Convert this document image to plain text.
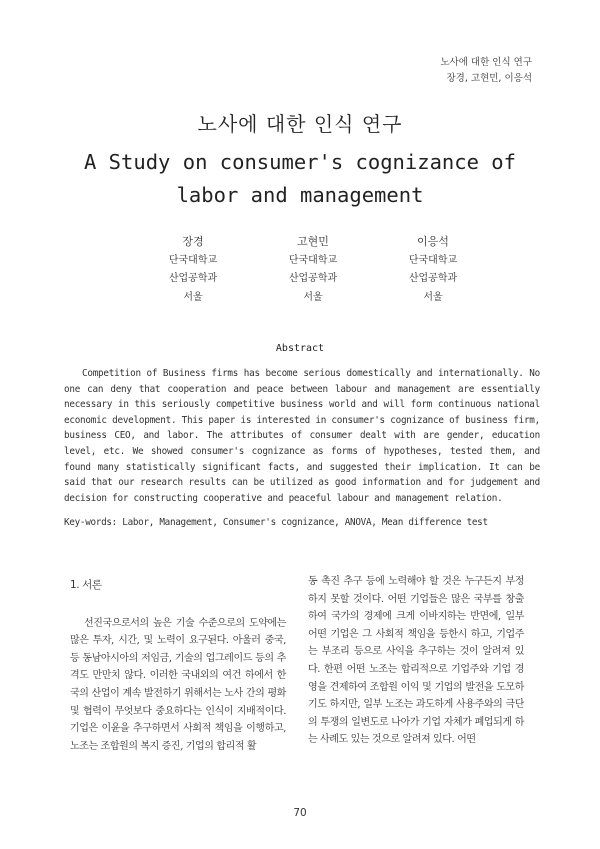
노사에 대한 인식 연구
장경, 고현민, 이응석
노사에 대한 인식 연구
A Study on consumer's cognizance of
labor and management
장경
단국대학교
산업공학과
서울
고현민
단국대학교
산업공학과
서울
이응석
단국대학교
산업공학과
서울
Abstract
Competition of Business firms has become serious domestically and internationally. No one can deny that cooperation and peace between labour and management are essentially necessary in this seriously competitive business world and will form continuous national economic development. This paper is interested in consumer's cognizance of business firm, business CEO, and labor. The attributes of consumer dealt with are gender, education level, etc. We showed consumer's cognizance as forms of hypotheses, tested them, and found many statistically significant facts, and suggested their implication. It can be said that our research results can be utilized as good information and for judgement and decision for constructing cooperative and peaceful labour and management relation.
Key-words: Labor, Management, Consumer's cognizance, ANOVA, Mean difference test
1. 서론
선진국으로서의 높은 기술 수준으로의 도약에는 많은 투자, 시간, 및 노력이 요구된다. 아울러 중국, 등 동남아시아의 저임금, 기술의 업그레이드 등의 추격도 만만치 않다. 이러한 국내외의 여건 하에서 한국의 산업이 계속 발전하기 위해서는 노사 간의 평화 및 협력이 무엇보다 중요하다는 인식이 지배적이다. 기업은 이윤을 추구하면서 사회적 책임을 이행하고, 노조는 조합원의 복지 증진, 기업의 합리적 활
동 촉진 추구 등에 노력해야 할 것은 누구든지 부정하지 못할 것이다. 어떤 기업들은 많은 국부를 창출하여 국가의 경제에 크게 이바지하는 반면에, 일부 어떤 기업은 그 사회적 책임을 등한시 하고, 기업주는 부조리 등으로 사익을 추구하는 것이 알려져 있다. 한편 어떤 노조는 합리적으로 기업주와 기업 경영을 견제하여 조합원 이익 및 기업의 발전을 도모하기도 하지만, 일부 노조는 과도하게 사용주와의 극단의 투쟁의 일변도로 나아가 기업 자체가 폐업되게 하는 사례도 있는 것으로 알려져 있다. 어떤
70
